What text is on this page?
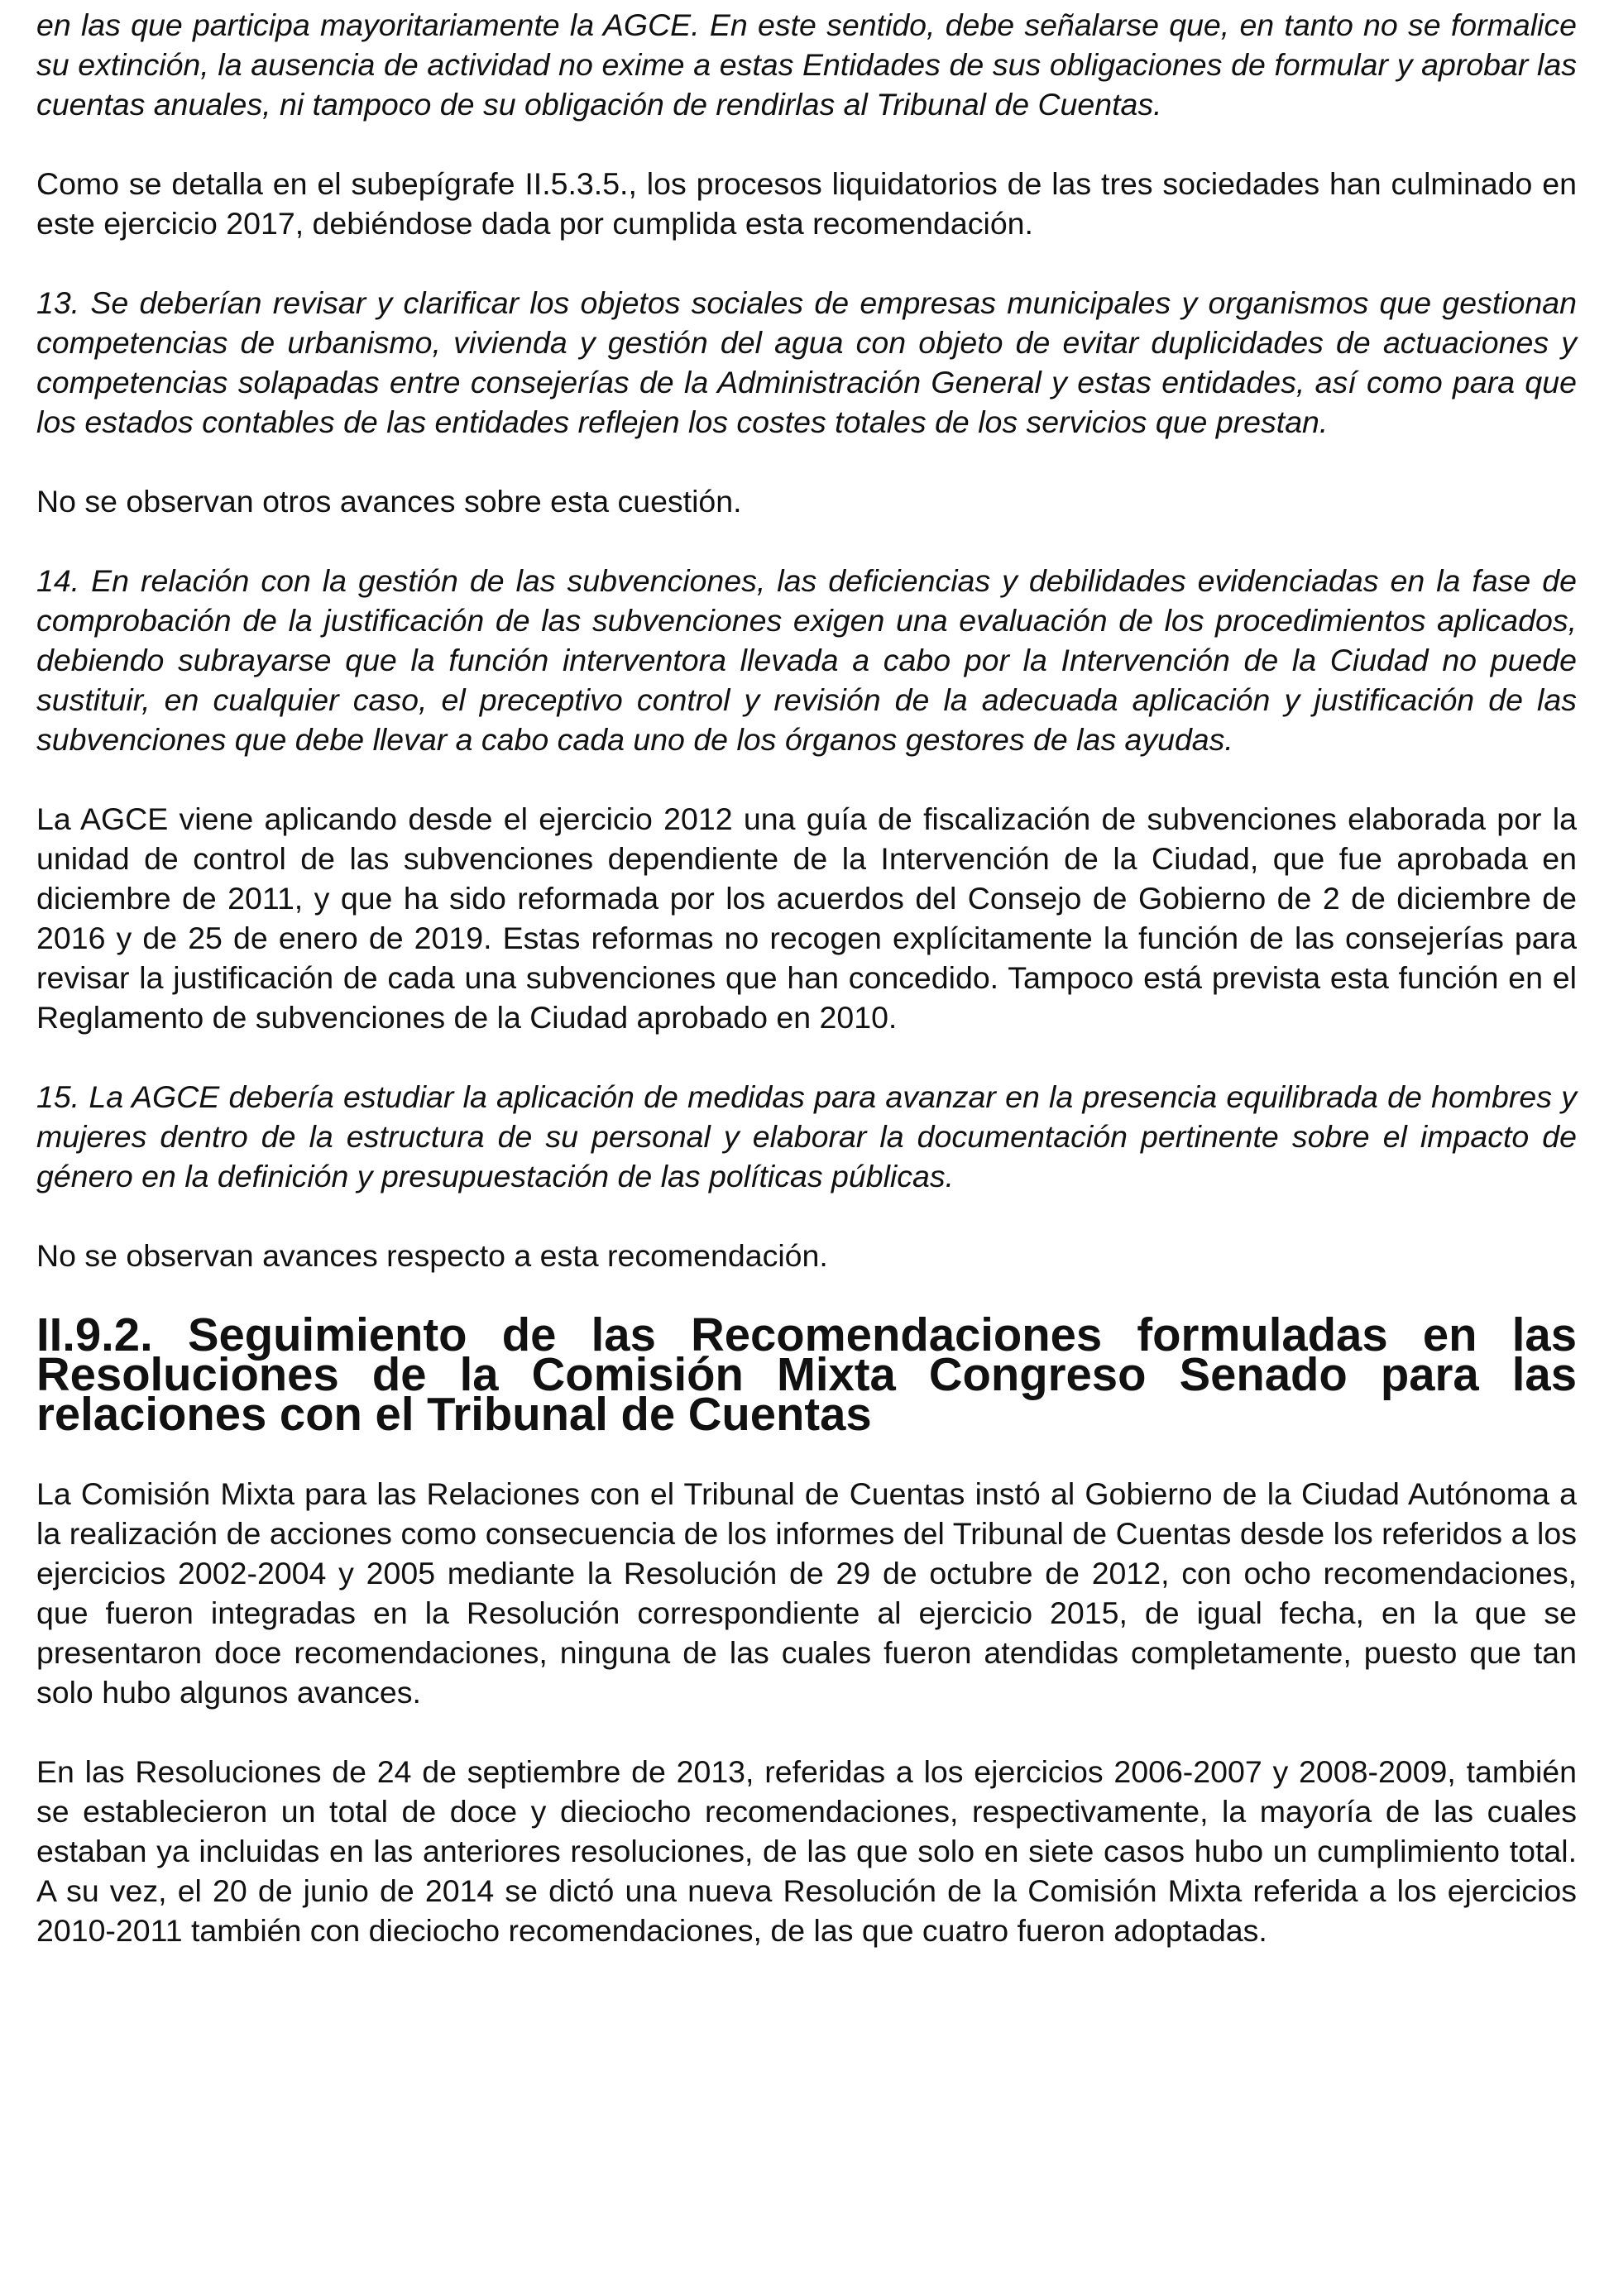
en las que participa mayoritariamente la AGCE. En este sentido, debe señalarse que, en tanto no se formalice su extinción, la ausencia de actividad no exime a estas Entidades de sus obligaciones de formular y aprobar las cuentas anuales, ni tampoco de su obligación de rendirlas al Tribunal de Cuentas.

Como se detalla en el subepígrafe II.5.3.5., los procesos liquidatorios de las tres sociedades han culminado en este ejercicio 2017, debiéndose dada por cumplida esta recomendación.

13. Se deberían revisar y clarificar los objetos sociales de empresas municipales y organismos que gestionan competencias de urbanismo, vivienda y gestión del agua con objeto de evitar duplicidades de actuaciones y competencias solapadas entre consejerías de la Administración General y estas entidades, así como para que los estados contables de las entidades reflejen los costes totales de los servicios que prestan.

No se observan otros avances sobre esta cuestión.

14. En relación con la gestión de las subvenciones, las deficiencias y debilidades evidenciadas en la fase de comprobación de la justificación de las subvenciones exigen una evaluación de los procedimientos aplicados, debiendo subrayarse que la función interventora llevada a cabo por la Intervención de la Ciudad no puede sustituir, en cualquier caso, el preceptivo control y revisión de la adecuada aplicación y justificación de las subvenciones que debe llevar a cabo cada uno de los órganos gestores de las ayudas.

La AGCE viene aplicando desde el ejercicio 2012 una guía de fiscalización de subvenciones elaborada por la unidad de control de las subvenciones dependiente de la Intervención de la Ciudad, que fue aprobada en diciembre de 2011, y que ha sido reformada por los acuerdos del Consejo de Gobierno de 2 de diciembre de 2016 y de 25 de enero de 2019. Estas reformas no recogen explícitamente la función de las consejerías para revisar la justificación de cada una subvenciones que han concedido. Tampoco está prevista esta función en el Reglamento de subvenciones de la Ciudad aprobado en 2010.

15. La AGCE debería estudiar la aplicación de medidas para avanzar en la presencia equilibrada de hombres y mujeres dentro de la estructura de su personal y elaborar la documentación pertinente sobre el impacto de género en la definición y presupuestación de las políticas públicas.

No se observan avances respecto a esta recomendación.

II.9.2. Seguimiento de las Recomendaciones formuladas en las Resoluciones de la Comisión Mixta Congreso Senado para las relaciones con el Tribunal de Cuentas

La Comisión Mixta para las Relaciones con el Tribunal de Cuentas instó al Gobierno de la Ciudad Autónoma a la realización de acciones como consecuencia de los informes del Tribunal de Cuentas desde los referidos a los ejercicios 2002-2004 y 2005 mediante la Resolución de 29 de octubre de 2012, con ocho recomendaciones, que fueron integradas en la Resolución correspondiente al ejercicio 2015, de igual fecha, en la que se presentaron doce recomendaciones, ninguna de las cuales fueron atendidas completamente, puesto que tan solo hubo algunos avances.

En las Resoluciones de 24 de septiembre de 2013, referidas a los ejercicios 2006-2007 y 2008-2009, también se establecieron un total de doce y dieciocho recomendaciones, respectivamente, la mayoría de las cuales estaban ya incluidas en las anteriores resoluciones, de las que solo en siete casos hubo un cumplimiento total. A su vez, el 20 de junio de 2014 se dictó una nueva Resolución de la Comisión Mixta referida a los ejercicios 2010-2011 también con dieciocho recomendaciones, de las que cuatro fueron adoptadas.
